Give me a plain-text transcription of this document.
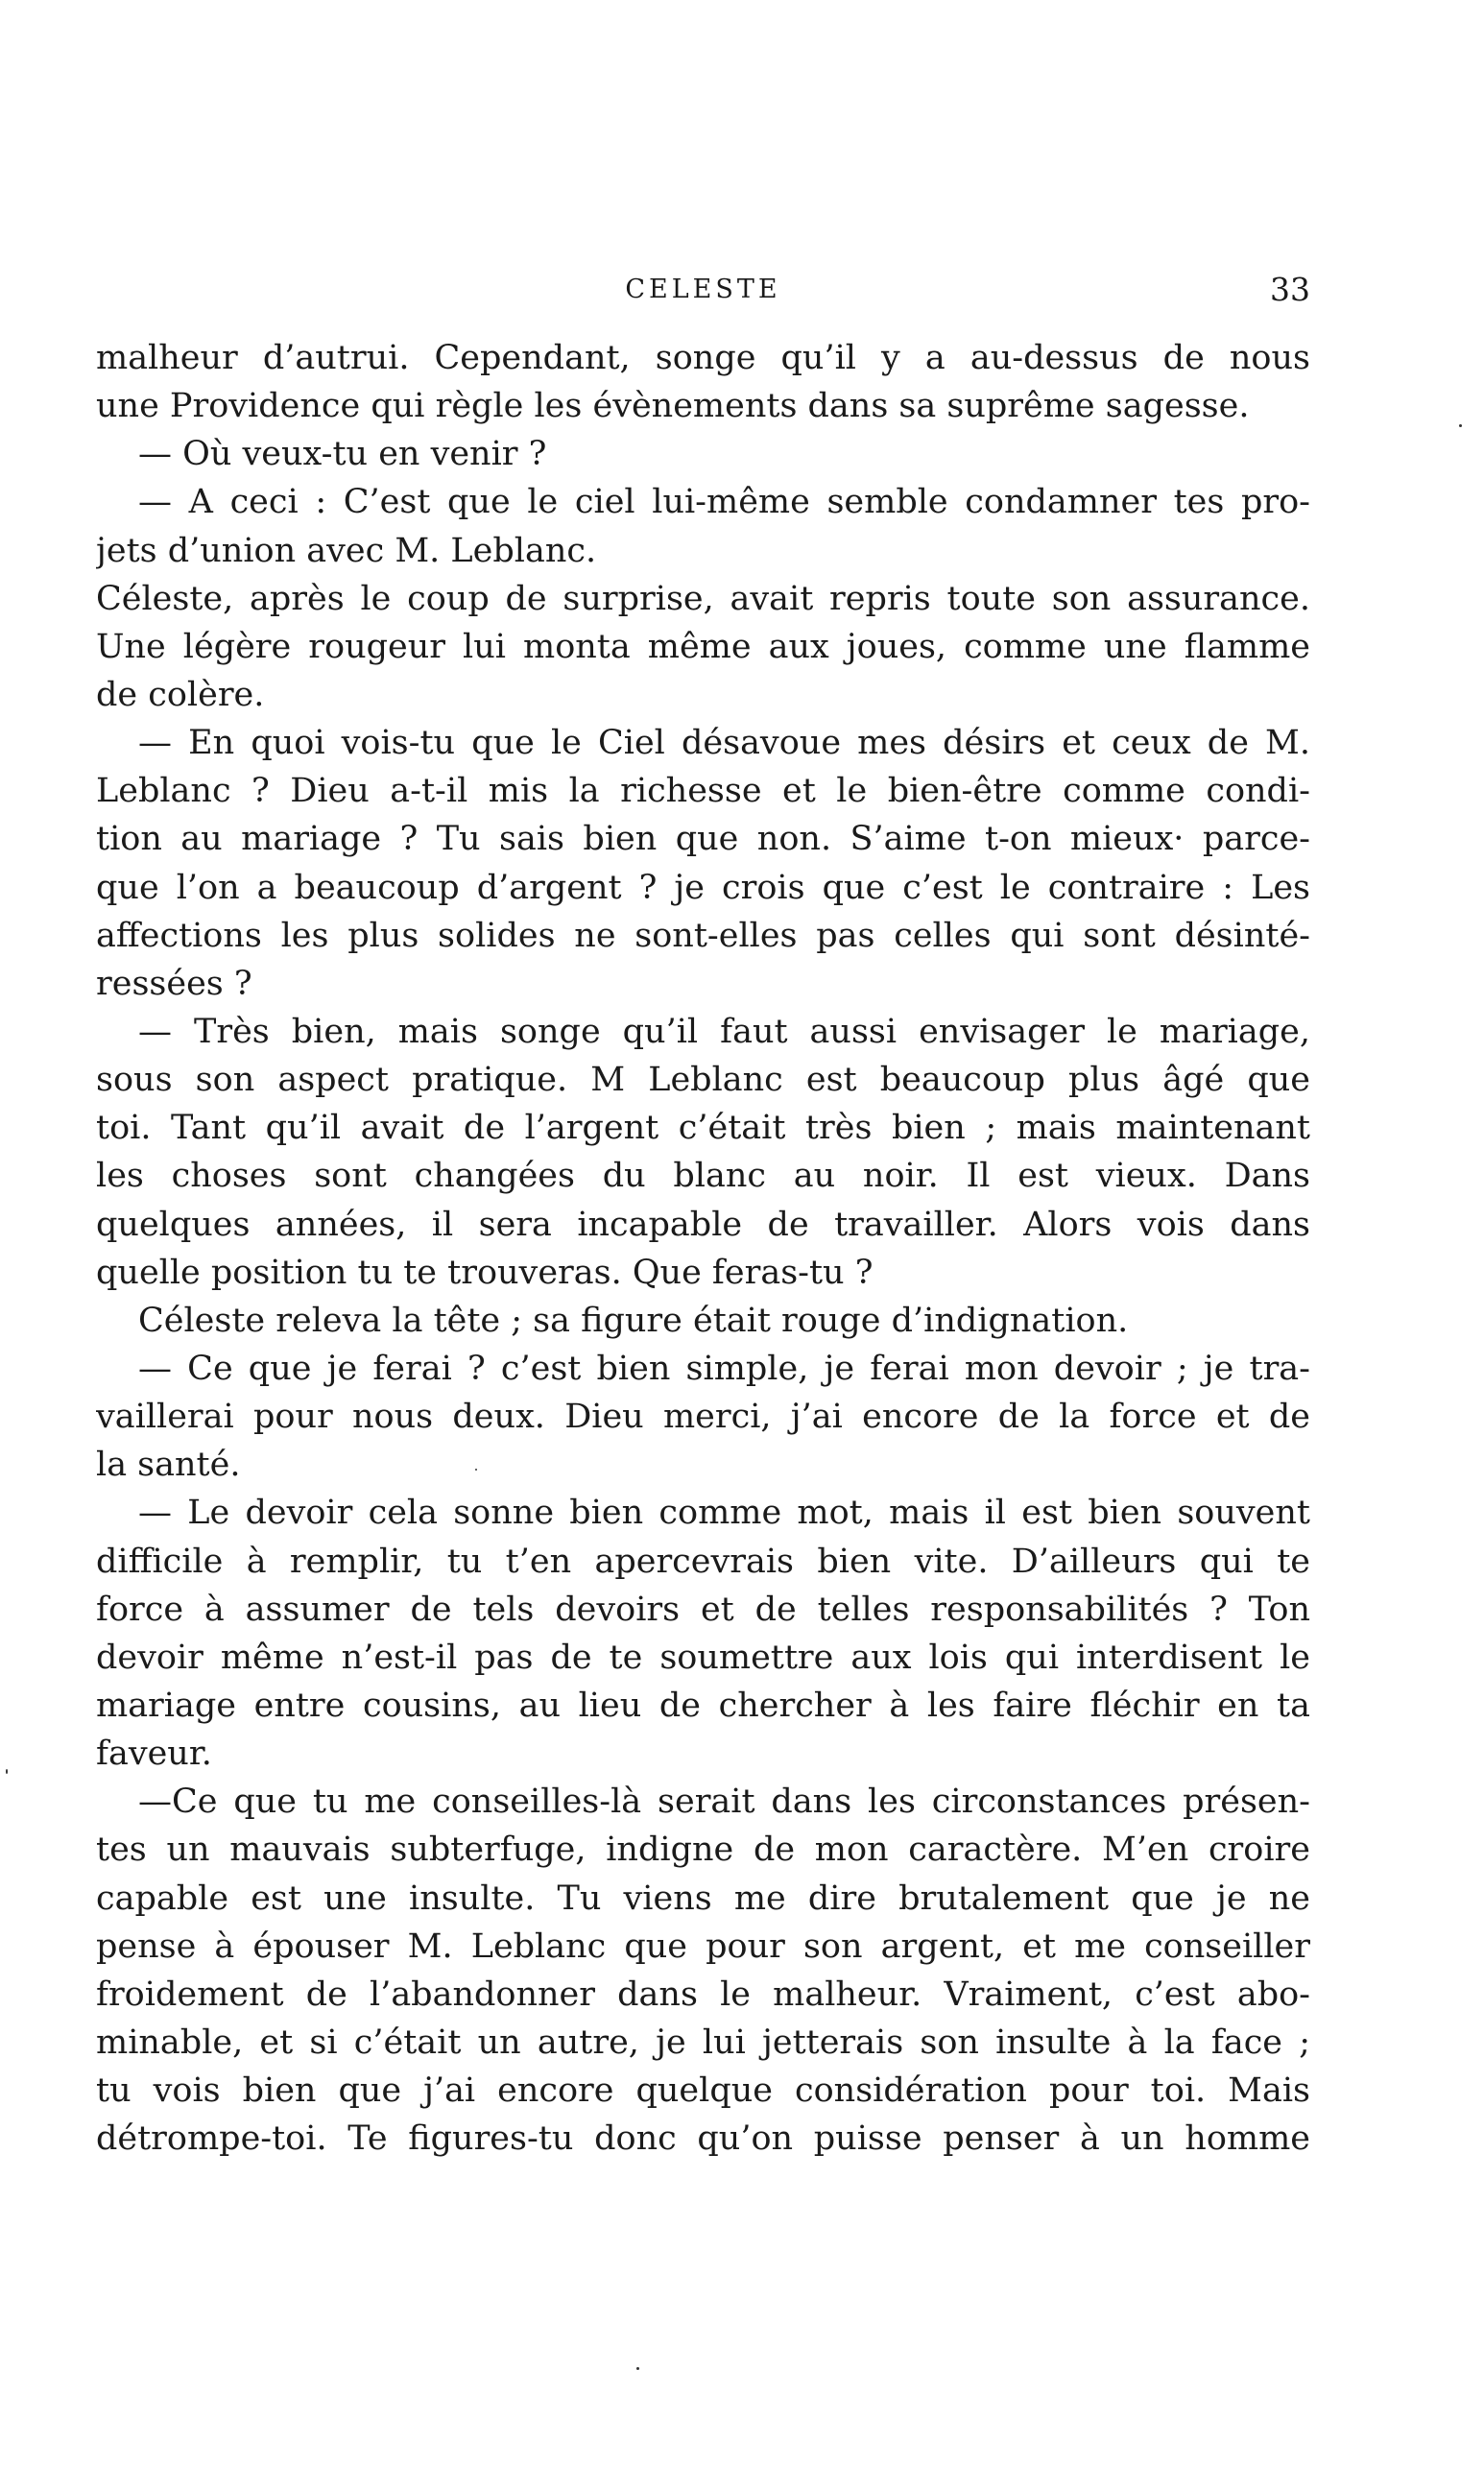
CELESTE	33
malheur d’autrui. Cependant, songe qu’il y a au-dessus de nous
une Providence qui règle les évènements dans sa suprême sagesse.
— Où veux-tu en venir ?
— A ceci : C’est que le ciel lui-même semble condamner tes pro-
jets d’union avec M. Leblanc.
Céleste, après le coup de surprise, avait repris toute son assurance.
Une légère rougeur lui monta même aux joues, comme une flamme
de colère.
— En quoi vois-tu que le Ciel désavoue mes désirs et ceux de M.
Leblanc ? Dieu a-t-il mis la richesse et le bien-être comme condi-
tion au mariage ? Tu sais bien que non. S’aime t-on mieux· parce-
que l’on a beaucoup d’argent ? je crois que c’est le contraire : Les
affections les plus solides ne sont-elles pas celles qui sont désinté-
ressées ?
— Très bien, mais songe qu’il faut aussi envisager le mariage,
sous son aspect pratique. M Leblanc est beaucoup plus âgé que
toi. Tant qu’il avait de l’argent c’était très bien ; mais maintenant
les choses sont changées du blanc au noir. Il est vieux. Dans
quelques années, il sera incapable de travailler. Alors vois dans
quelle position tu te trouveras. Que feras-tu ?
Céleste releva la tête ; sa figure était rouge d’indignation.
— Ce que je ferai ? c’est bien simple, je ferai mon devoir ; je tra-
vaillerai pour nous deux. Dieu merci, j’ai encore de la force et de
la santé.
— Le devoir cela sonne bien comme mot, mais il est bien souvent
difficile à remplir, tu t’en apercevrais bien vite. D’ailleurs qui te
force à assumer de tels devoirs et de telles responsabilités ? Ton
devoir même n’est-il pas de te soumettre aux lois qui interdisent le
mariage entre cousins, au lieu de chercher à les faire fléchir en ta
faveur.
—Ce que tu me conseilles-là serait dans les circonstances présen-
tes un mauvais subterfuge, indigne de mon caractère. M’en croire
capable est une insulte. Tu viens me dire brutalement que je ne
pense à épouser M. Leblanc que pour son argent, et me conseiller
froidement de l’abandonner dans le malheur. Vraiment, c’est abo-
minable, et si c’était un autre, je lui jetterais son insulte à la face ;
tu vois bien que j’ai encore quelque considération pour toi. Mais
détrompe-toi. Te figures-tu donc qu’on puisse penser à un homme
